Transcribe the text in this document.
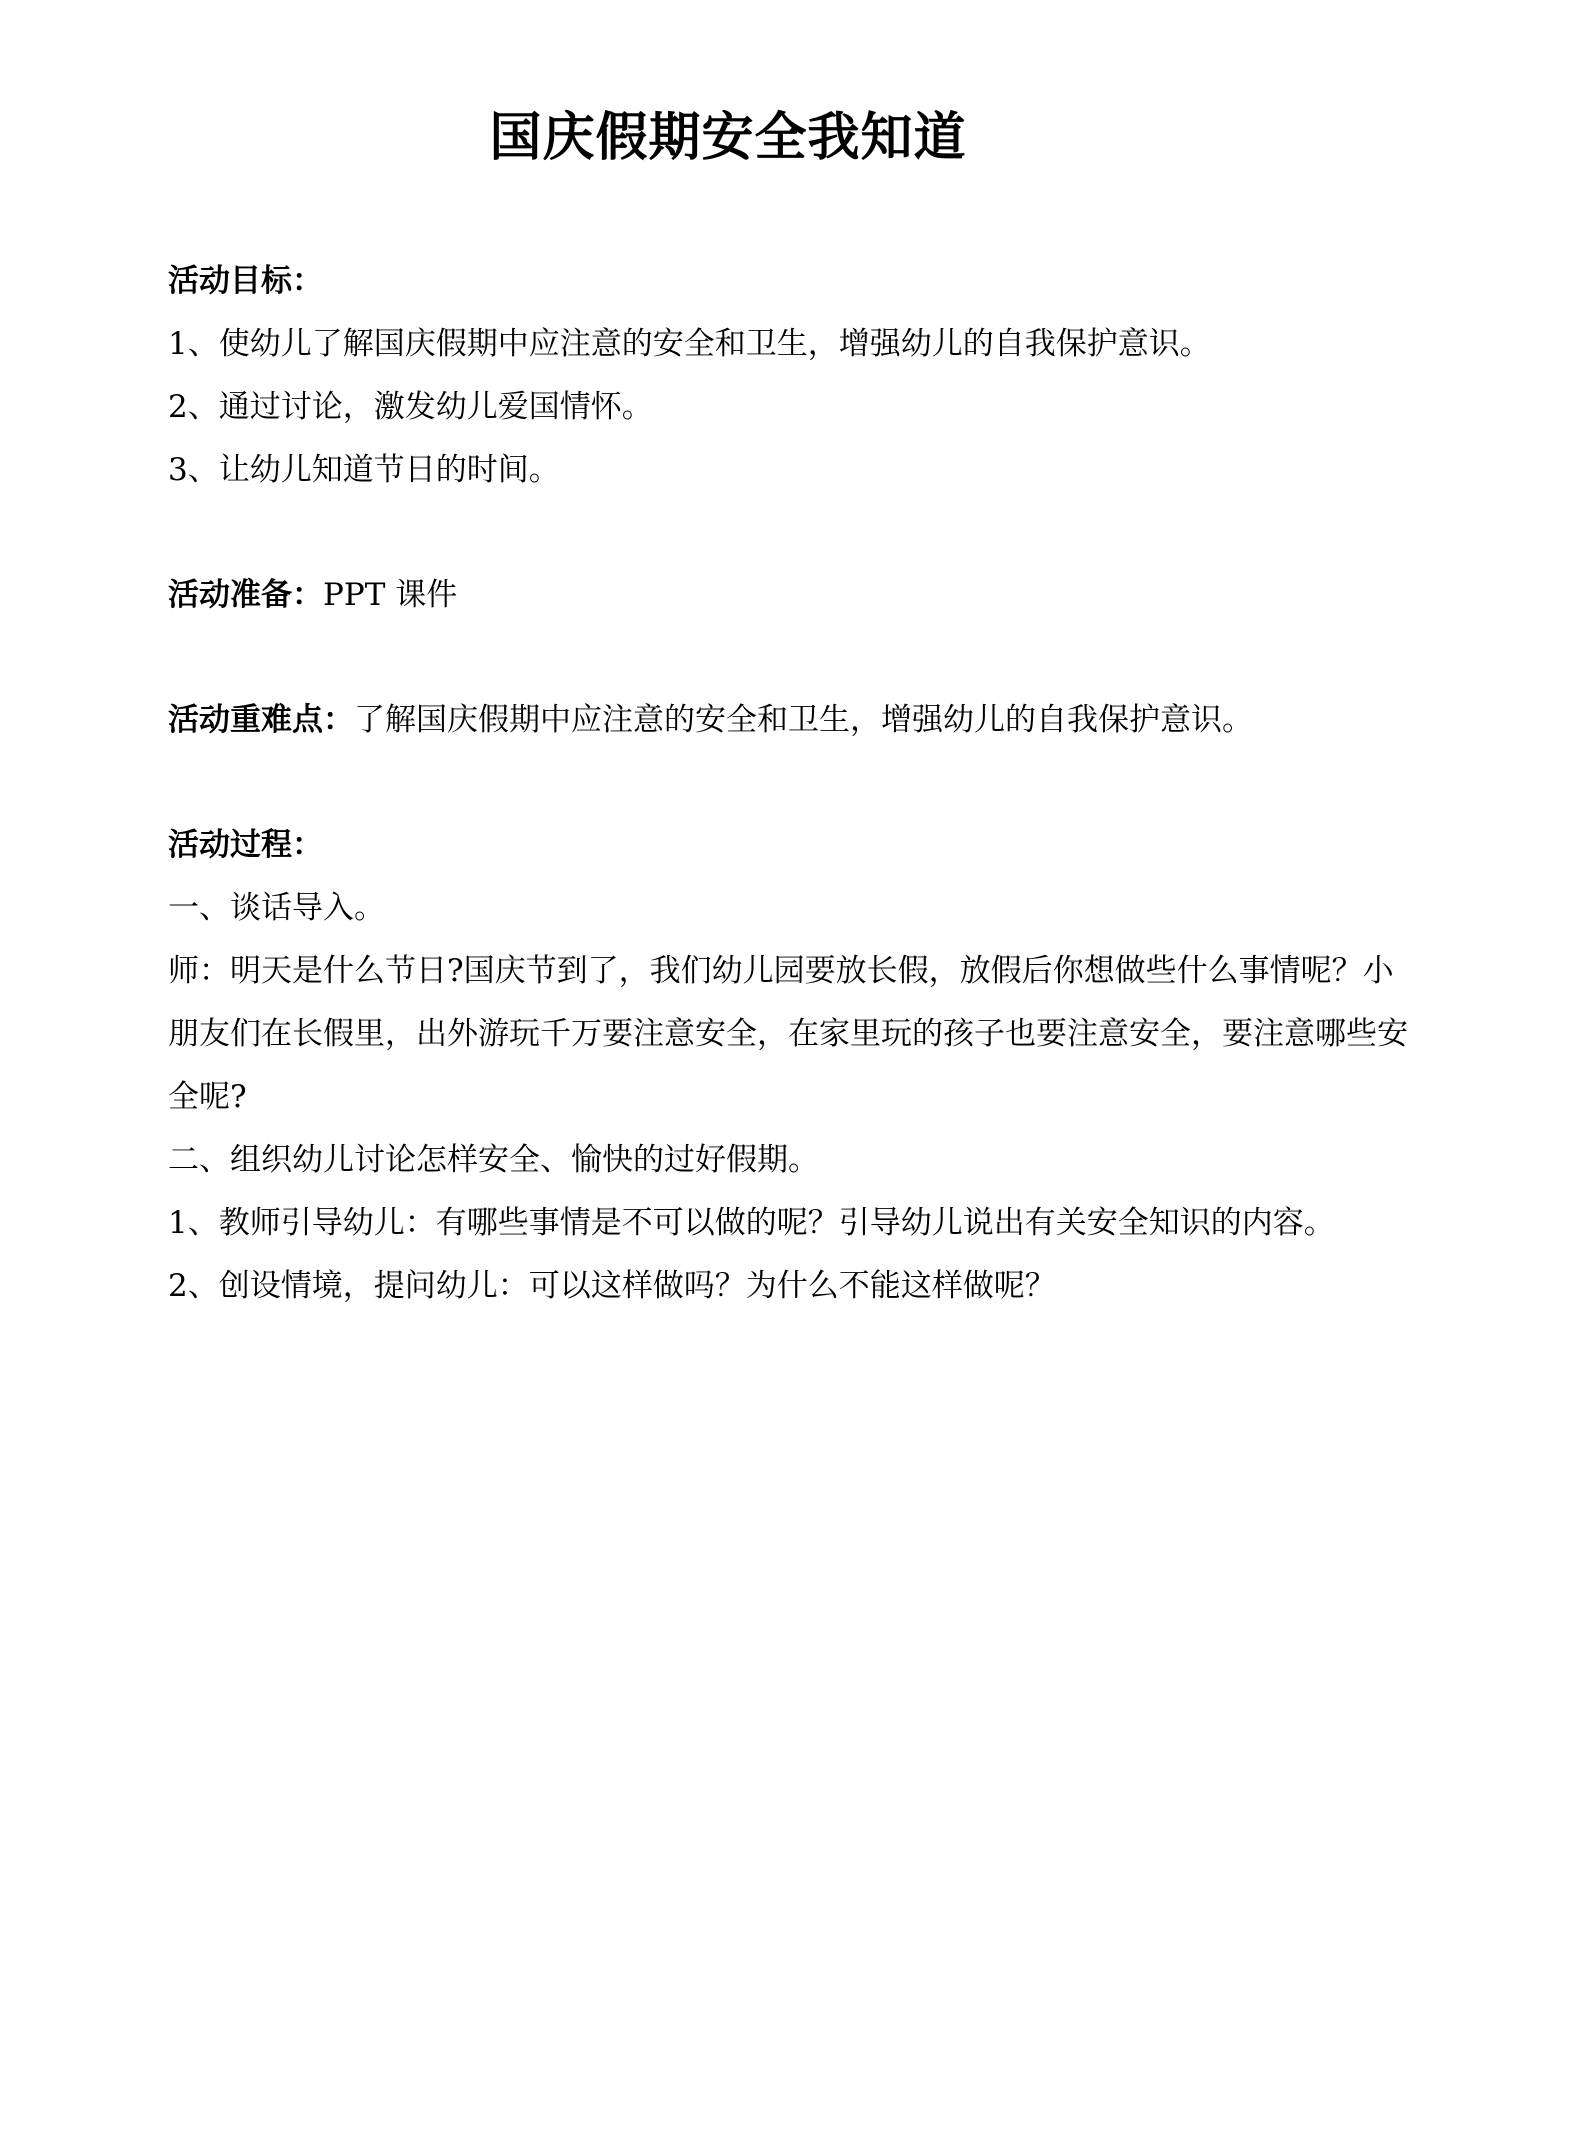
国庆假期安全我知道

活动目标：

1、使幼儿了解国庆假期中应注意的安全和卫生，增强幼儿的自我保护意识。

2、通过讨论，激发幼儿爱国情怀。

3、让幼儿知道节日的时间。

活动准备：PPT 课件

活动重难点：了解国庆假期中应注意的安全和卫生，增强幼儿的自我保护意识。

活动过程：

一、谈话导入。

师：明天是什么节日?国庆节到了，我们幼儿园要放长假，放假后你想做些什么事情呢？小朋友们在长假里，出外游玩千万要注意安全，在家里玩的孩子也要注意安全，要注意哪些安全呢?

二、组织幼儿讨论怎样安全、愉快的过好假期。

1、教师引导幼儿：有哪些事情是不可以做的呢？引导幼儿说出有关安全知识的内容。

2、创设情境，提问幼儿：可以这样做吗？为什么不能这样做呢？
